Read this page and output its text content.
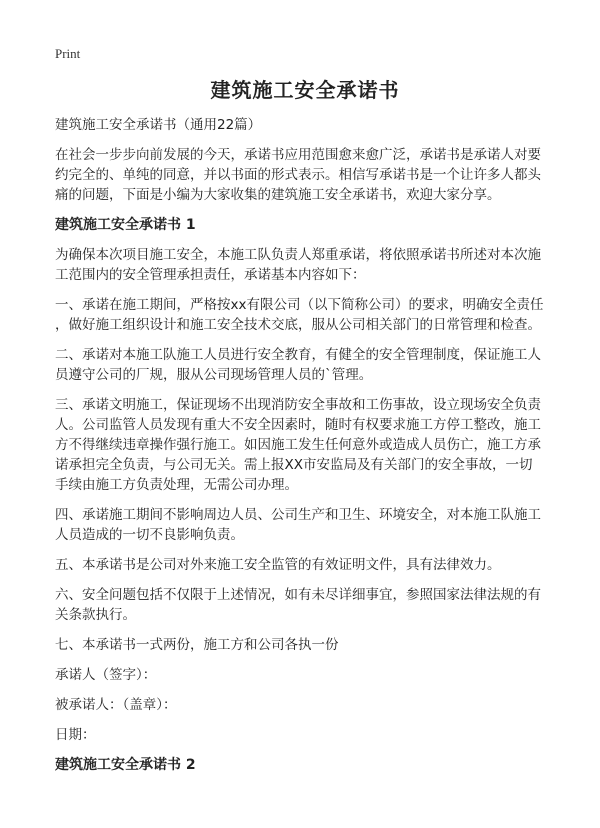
Print
建筑施工安全承诺书

建筑施工安全承诺书（通用22篇）

在社会一步步向前发展的今天，承诺书应用范围愈来愈广泛，承诺书是承诺人对要
约完全的、单纯的同意，并以书面的形式表示。相信写承诺书是一个让许多人都头
痛的问题，下面是小编为大家收集的建筑施工安全承诺书，欢迎大家分享。

建筑施工安全承诺书 1

为确保本次项目施工安全，本施工队负责人郑重承诺，将依照承诺书所述对本次施
工范围内的安全管理承担责任，承诺基本内容如下：

一、承诺在施工期间，严格按xx有限公司（以下简称公司）的要求，明确安全责任
，做好施工组织设计和施工安全技术交底，服从公司相关部门的日常管理和检查。

二、承诺对本施工队施工人员进行安全教育，有健全的安全管理制度，保证施工人
员遵守公司的厂规，服从公司现场管理人员的`管理。

三、承诺文明施工，保证现场不出现消防安全事故和工伤事故，设立现场安全负责
人。公司监管人员发现有重大不安全因素时，随时有权要求施工方停工整改，施工
方不得继续违章操作强行施工。如因施工发生任何意外或造成人员伤亡，施工方承
诺承担完全负责，与公司无关。需上报XX市安监局及有关部门的安全事故，一切
手续由施工方负责处理，无需公司办理。

四、承诺施工期间不影响周边人员、公司生产和卫生、环境安全，对本施工队施工
人员造成的一切不良影响负责。

五、本承诺书是公司对外来施工安全监管的有效证明文件，具有法律效力。

六、安全问题包括不仅限于上述情况，如有未尽详细事宜，参照国家法律法规的有
关条款执行。

七、本承诺书一式两份，施工方和公司各执一份

承诺人（签字）：

被承诺人：（盖章）：

日期：

建筑施工安全承诺书 2
